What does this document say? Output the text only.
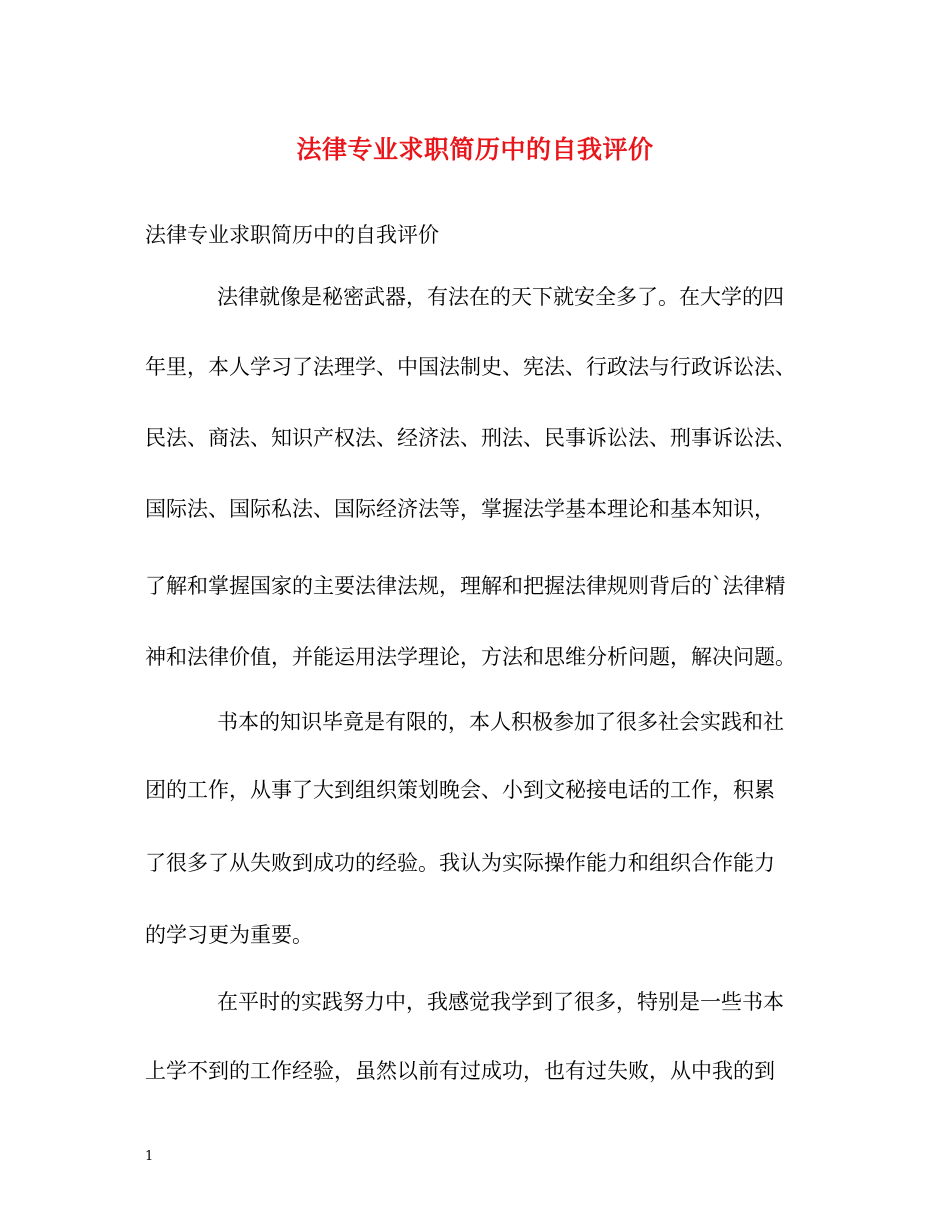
法律专业求职简历中的自我评价
法律专业求职简历中的自我评价
法律就像是秘密武器，有法在的天下就安全多了。在大学的四
年里，本人学习了法理学、中国法制史、宪法、行政法与行政诉讼法、
民法、商法、知识产权法、经济法、刑法、民事诉讼法、刑事诉讼法、
国际法、国际私法、国际经济法等，掌握法学基本理论和基本知识，
了解和掌握国家的主要法律法规，理解和把握法律规则背后的`法律精
神和法律价值，并能运用法学理论，方法和思维分析问题，解决问题。
书本的知识毕竟是有限的，本人积极参加了很多社会实践和社
团的工作，从事了大到组织策划晚会、小到文秘接电话的工作，积累
了很多了从失败到成功的经验。我认为实际操作能力和组织合作能力
的学习更为重要。
在平时的实践努力中，我感觉我学到了很多，特别是一些书本
上学不到的工作经验，虽然以前有过成功，也有过失败，从中我的到
1
